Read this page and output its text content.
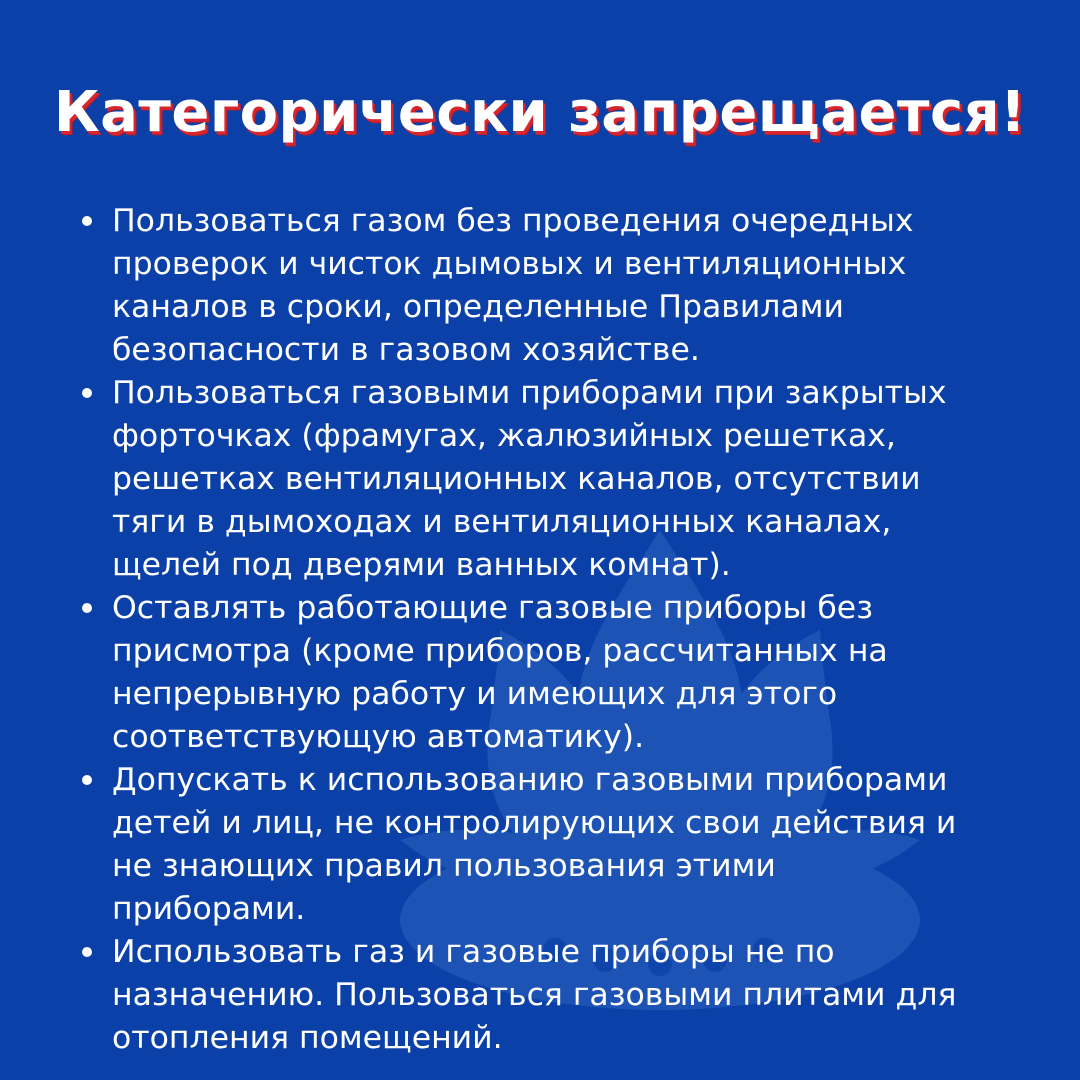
Категорически запрещается!
Пользоваться газом без проведения очередных
проверок и чисток дымовых и вентиляционных
каналов в сроки, определенные Правилами
безопасности в газовом хозяйстве.
Пользоваться газовыми приборами при закрытых
форточках (фрамугах, жалюзийных решетках,
решетках вентиляционных каналов, отсутствии
тяги в дымоходах и вентиляционных каналах,
щелей под дверями ванных комнат).
Оставлять работающие газовые приборы без
присмотра (кроме приборов, рассчитанных на
непрерывную работу и имеющих для этого
соответствующую автоматику).
Допускать к использованию газовыми приборами
детей и лиц, не контролирующих свои действия и
не знающих правил пользования этими
приборами.
Использовать газ и газовые приборы не по
назначению. Пользоваться газовыми плитами для
отопления помещений.
